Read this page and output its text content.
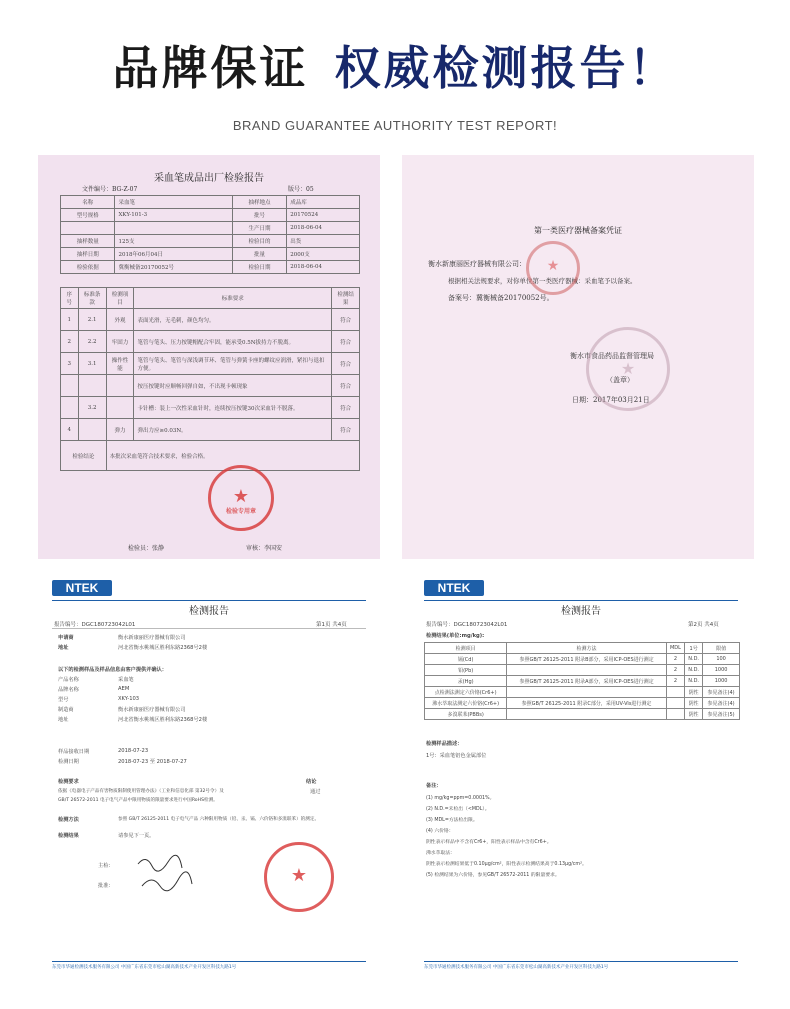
品牌保证 权威检测报告！
BRAND GUARANTEE AUTHORITY TEST REPORT!
采血笔成品出厂检验报告
文件编号：BG-Z-07	版号：05
名称	采血笔	抽样地点	成品库
型号规格	XKY-101-3	批号	20170524
		生产日期	2018-06-04
抽样数量	125支	检验目的	出货
抽样日期	2018年06月04日	批量	2000支
检验依据	冀衡械备20170052号	检验日期	2018-06-04
序号	标准条款	检测项目	标准要求	检测结果
1	2.1	外观	表面光滑，无毛刺，颜色均匀。	符合
2	2.2	牢固力	笔管与笔头、压力按键帽配合牢固，能承受0.5N拔持力不脱离。	符合
3	3.1	操作性能	笔管与笔头、笔管与深浅调节环、笔管与弹簧卡座的螺纹应润滑，紧扣与退扣方便。	符合
			按压按键时应顺畅回弹自如，不出现卡顿现象	符合
	3.2		卡针槽：装上一次性采血针时，连续按压按键30次采血针不脱落。	符合
4		弹力	弹出力应≥0.03N。	符合
检验结论		本批次采血笔符合技术要求，检验合格。		
检验员：张静	审核：李国安
★
检验专用章
第一类医疗器械备案凭证
衡水新康丽医疗器械有限公司：
根据相关法规要求，对你单位第一类医疗器械：采血笔予以备案。
备案号：冀衡械备20170052号。
衡水市食品药品监督管理局
（盖章）
日期：2017年03月21日
★
★
NTEK
检测报告
报告编号：DGC180723042L01	第1页 共4页
申请商	衡水新康丽医疗器械有限公司
地址	河北省衡水桃城区胜利东路2368号2楼
以下的检测样品及样品信息由客户提供并确认：
产品名称	采血笔
品牌名称	AEM
型号	XKY-103
制造商	衡水新康丽医疗器械有限公司
地址	河北省衡水桃城区胜利东路2368号2楼
样品接收日期	2018-07-23
检测日期	2018-07-23 至 2018-07-27
检测要求	结论
依据《电器电子产品有害物质限制使用管理办法》（工业和信息化部 第32号令）及
GB/T 26572-2011 电子电气产品中限用物质的限量要求进行中国RoHS检测。
通过
检测方法	参照 GB/T 26125-2011 电子电气产品 六种限用物质（铅、汞、镉、六价铬和多溴联苯）的测定。
检测结果	请参见下一页。
主检：
批准：	★
东莞市华通检测技术服务有限公司 中国广东省东莞市松山湖高新技术产业开发区科技九路1号
NTEK
检测报告
报告编号：DGC180723042L01	第2页 共4页
检测结果(单位:mg/kg):
检测项目	检测方法	MDL	1号	限值
镉(Cd)	参照GB/T 26125-2011 附录B部分，采用ICP-OES进行测定	2	N.D.	100
铅(Pb)		2	N.D.	1000
汞(Hg)	参照GB/T 26125-2011 附录A部分，采用ICP-OES进行测定	2	N.D.	1000
点检测法测定六价铬(Cr6+)			阴性	参见备注(4)
沸水萃取法测定六价铬(Cr6+)	参照GB/T 26125-2011 附录C部分，采用UV-Vis进行测定		阴性	参见备注(4)
多溴联苯(PBBs)			阴性	参见备注(5)
检测样品描述：
1号：采血笔铝色金属部位
备注：
(1) mg/kg=ppm=0.0001%。
(2) N.D.=未检出（<MDL）。
(3) MDL=方法检出限。
(4) 六价铬：
阴性表示样品中不含有Cr6+，阳性表示样品中含有Cr6+。
沸水萃取法：
阴性表示检测结果低于0.10μg/cm²，阳性表示检测结果高于0.13μg/cm²。
(5) 检测结果为六价铬，参见GB/T 26572-2011 的限量要求。
东莞市华通检测技术服务有限公司 中国广东省东莞市松山湖高新技术产业开发区科技九路1号
